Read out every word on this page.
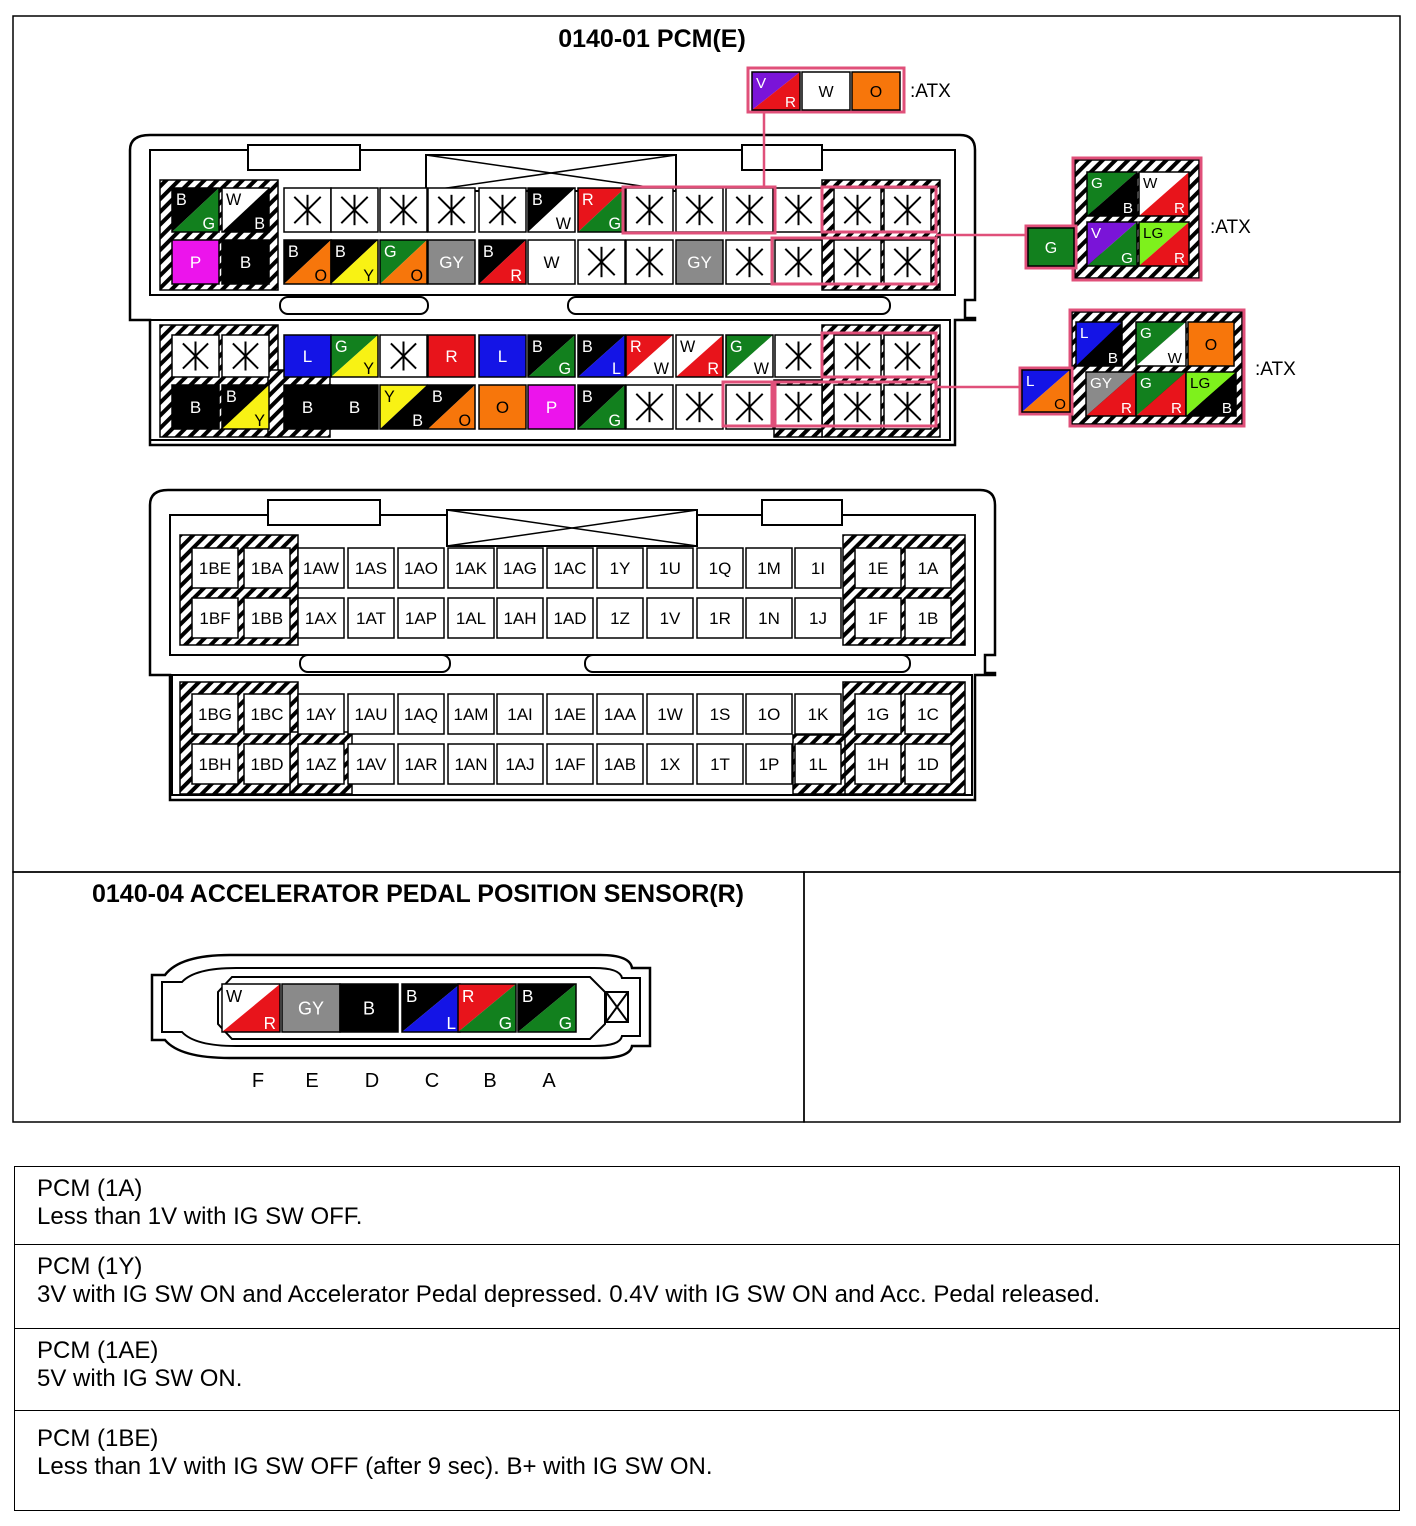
0140-01 PCM(E)
0140-04 ACCELERATOR PEDAL POSITION SENSOR(R)
B
G
W
B
B
W
R
G
P B
B
O
B
Y
G
O
GY
B
R
W	GY
L
G
Y
R L
B
G
B
L
R
W
W
R
G
W
B
B
Y
B B
Y
B
B
O
O P
B
G
1BE 1BA 1AW 1AS 1AO 1AK 1AG 1AC 1Y 1U 1Q 1M 1I	1E 1A
1BF 1BB 1AX 1AT 1AP 1AL 1AH 1AD 1Z 1V 1R 1N 1J 1F 1B
1BG 1BC 1AY 1AU 1AQ 1AM 1AI 1AE 1AA 1W 1S 1O 1K 1G 1C
1BH 1BD 1AZ 1AV 1AR 1AN 1AJ 1AF 1AB 1X 1T 1P 1L 1H 1D
V
R
W O
G
B
W
R
V
G
LG
R
G
L
B
G
W
O
GY
R
G
R
LG
B
L
O
:ATX
:ATX
:ATX
W
R
GY B
B
L
R
G
B
G
F E D C B A
PCM (1A)
Less than 1V with IG SW OFF.
PCM (1Y)
3V with IG SW ON and Accelerator Pedal depressed. 0.4V with IG SW ON and Acc. Pedal released.
PCM (1AE)
5V with IG SW ON.
PCM (1BE)
Less than 1V with IG SW OFF (after 9 sec). B+ with IG SW ON.
